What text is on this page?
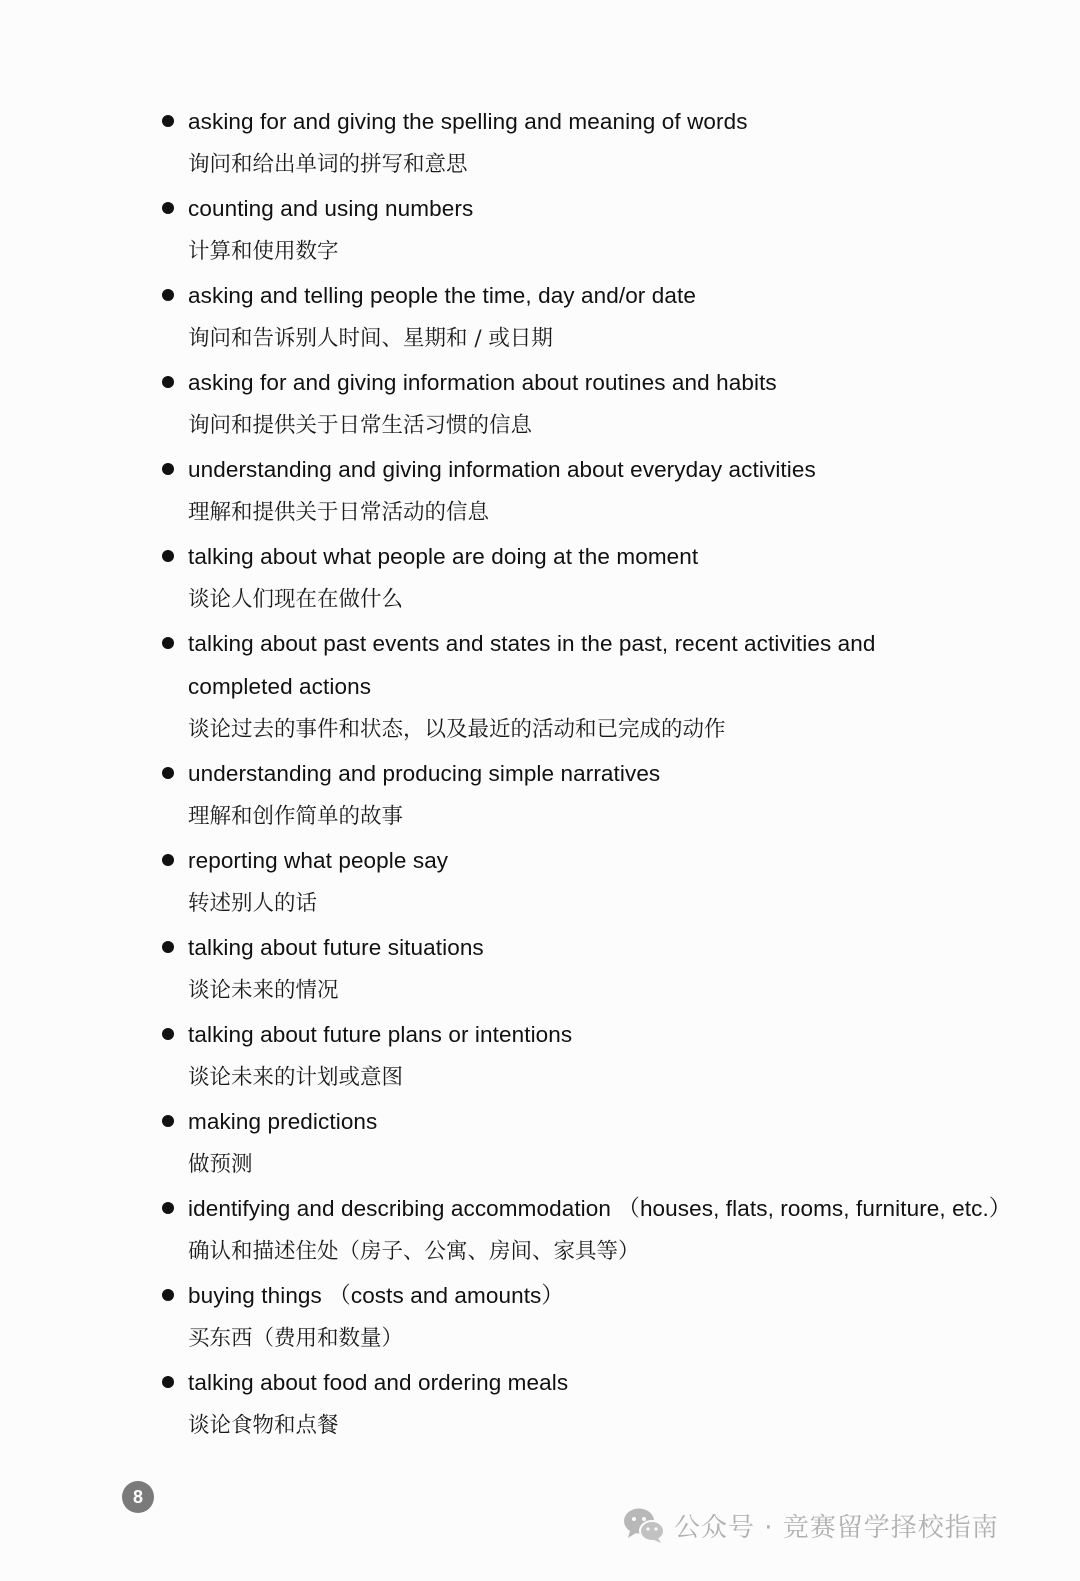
asking for and giving the spelling and meaning of words
询问和给出单词的拼写和意思
counting and using numbers
计算和使用数字
asking and telling people the time, day and/or date
询问和告诉别人时间、星期和 / 或日期
asking for and giving information about routines and habits
询问和提供关于日常生活习惯的信息
understanding and giving information about everyday activities
理解和提供关于日常活动的信息
talking about what people are doing at the moment
谈论人们现在在做什么
talking about past events and states in the past, recent activities and
completed actions
谈论过去的事件和状态，以及最近的活动和已完成的动作
understanding and producing simple narratives
理解和创作简单的故事
reporting what people say
转述别人的话
talking about future situations
谈论未来的情况
talking about future plans or intentions
谈论未来的计划或意图
making predictions
做预测
identifying and describing accommodation （houses, flats, rooms, furniture, etc.）
确认和描述住处（房子、公寓、房间、家具等）
buying things （costs and amounts）
买东西（费用和数量）
talking about food and ordering meals
谈论食物和点餐
8
公众号 · 竞赛留学择校指南
